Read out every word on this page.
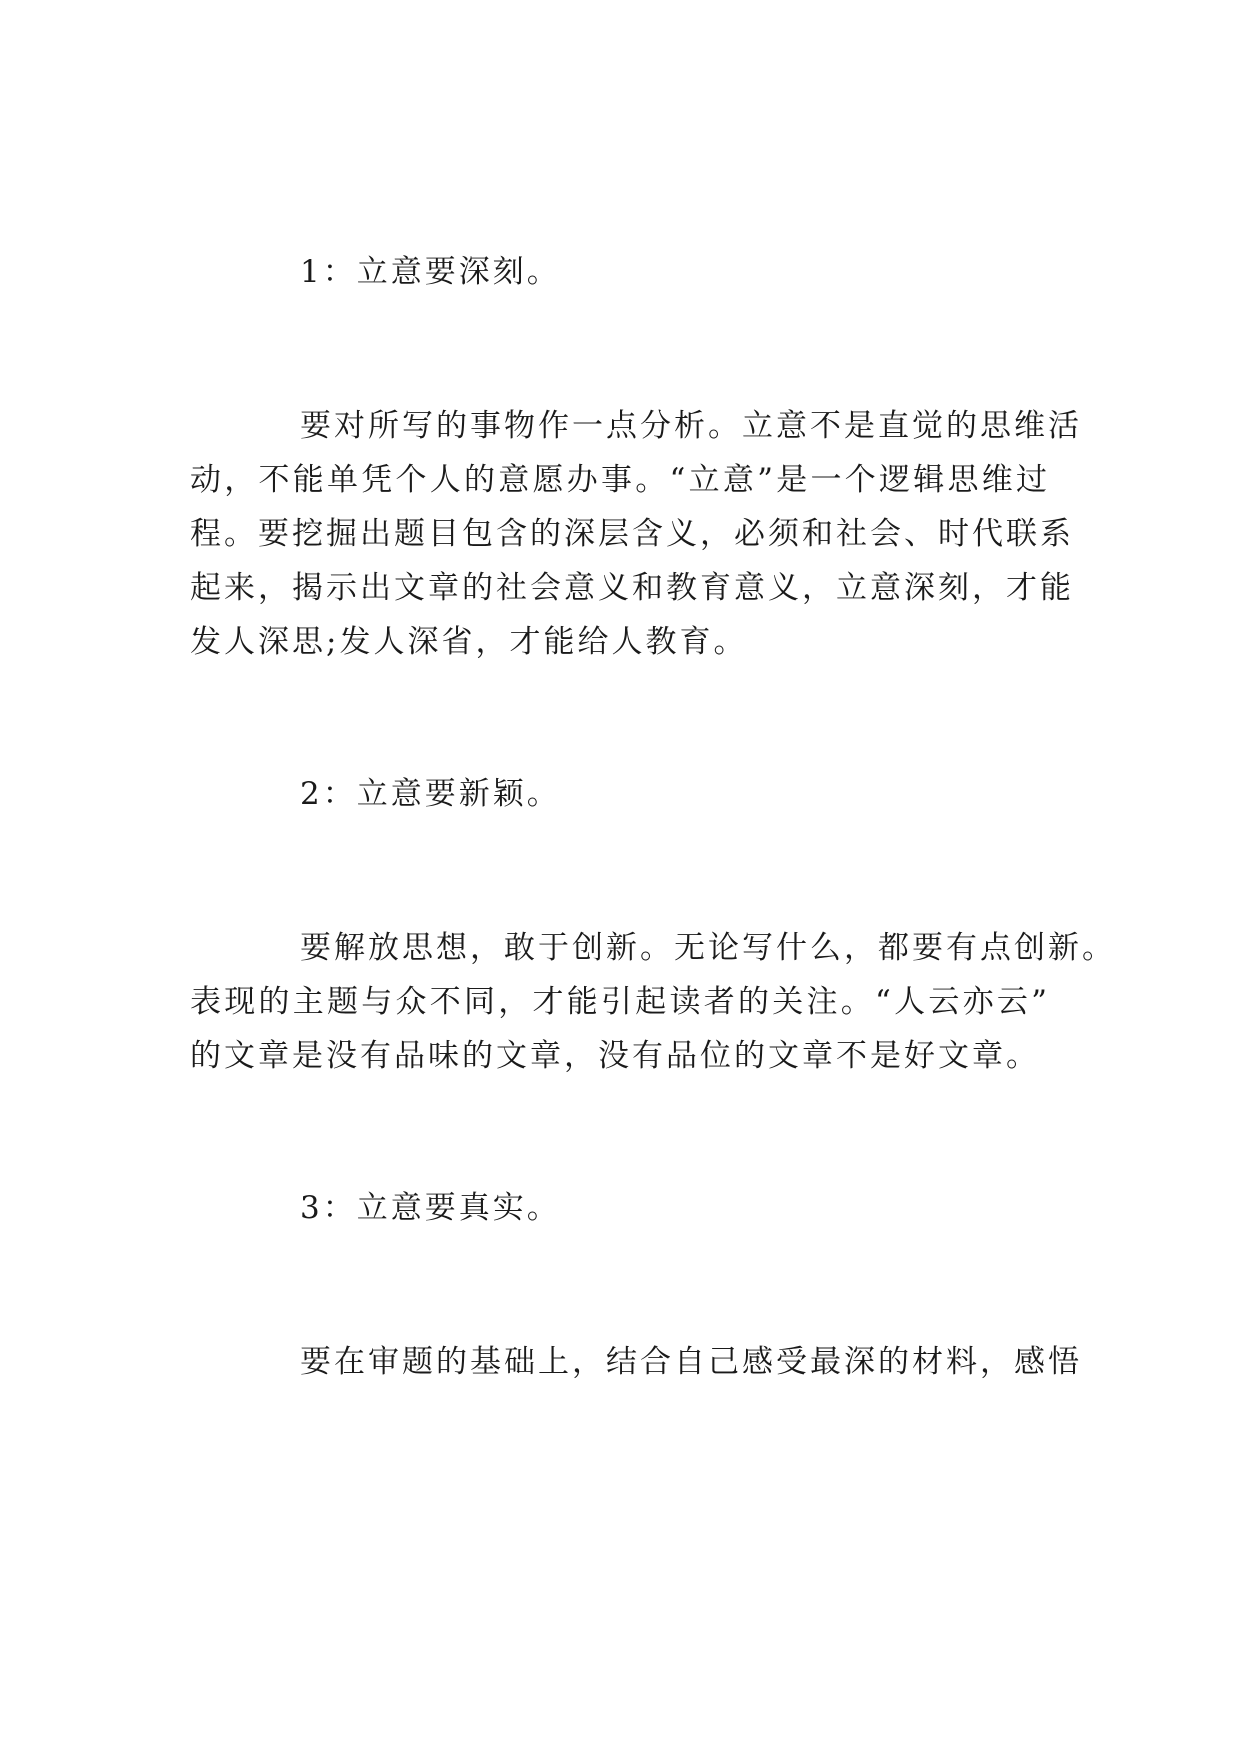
1：立意要深刻。
要对所写的事物作一点分析。立意不是直觉的思维活
动，不能单凭个人的意愿办事。“立意”是一个逻辑思维过
程。要挖掘出题目包含的深层含义，必须和社会、时代联系
起来，揭示出文章的社会意义和教育意义，立意深刻，才能
发人深思;发人深省，才能给人教育。
2：立意要新颖。
要解放思想，敢于创新。无论写什么，都要有点创新。
表现的主题与众不同，才能引起读者的关注。“人云亦云”
的文章是没有品味的文章，没有品位的文章不是好文章。
3：立意要真实。
要在审题的基础上，结合自己感受最深的材料，感悟
